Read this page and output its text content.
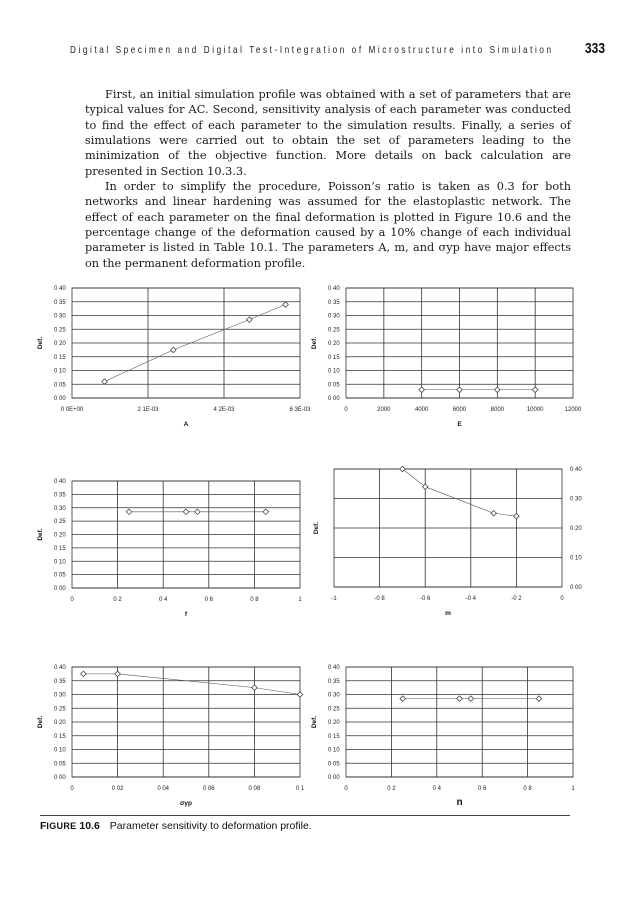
Digital Specimen and Digital Test-Integration of Microstructure into Simulation 333

First, an initial simulation profile was obtained with a set of parameters that are typical values for AC. Second, sensitivity analysis of each parameter was conducted to find the effect of each parameter to the simulation results. Finally, a series of simulations were carried out to obtain the set of parameters leading to the minimization of the objective function. More details on back calculation are presented in Section 10.3.3.

In order to simplify the procedure, Poisson’s ratio is taken as 0.3 for both networks and linear hardening was assumed for the elastoplastic network. The effect of each parameter on the final deformation is plotted in Figure 10.6 and the percentage change of the deformation caused by a 10% change of each individual parameter is listed in Table 10.1. The parameters A, m, and σyp have major effects on the permanent deformation profile.

0 00
0 05
0 10
0 15
0 20
0 25
0 30
0 35
0 40
0 0E+00	2 1E-03	4 2E-03	6 3E-03
A
Def.
0 00
0 05
0 10
0 15
0 20
0 25
0 30
0 35
0 40
0	2000	4000	6000	8000	10000	12000
E
Def.
0 00
0 05
0 10
0 15
0 20
0 25
0 30
0 35
0 40
0	0 2	0 4	0 6	0 8	1
f
Def.
0 00
0 10
0 20
0 30
0 40
-1	-0 8	-0 6	-0 4	-0 2	0
m
Def.
0 00
0 05
0 10
0 15
0 20
0 25
0 30
0 35
0 40
0	0 02	0 04	0 06	0 08	0 1
σyp
Def.
0 00
0 05
0 10
0 15
0 20
0 25
0 30
0 35
0 40
0	0 2	0 4	0 6	0 8	1
n
Def.
FIGURE 10.6 Parameter sensitivity to deformation profile.
